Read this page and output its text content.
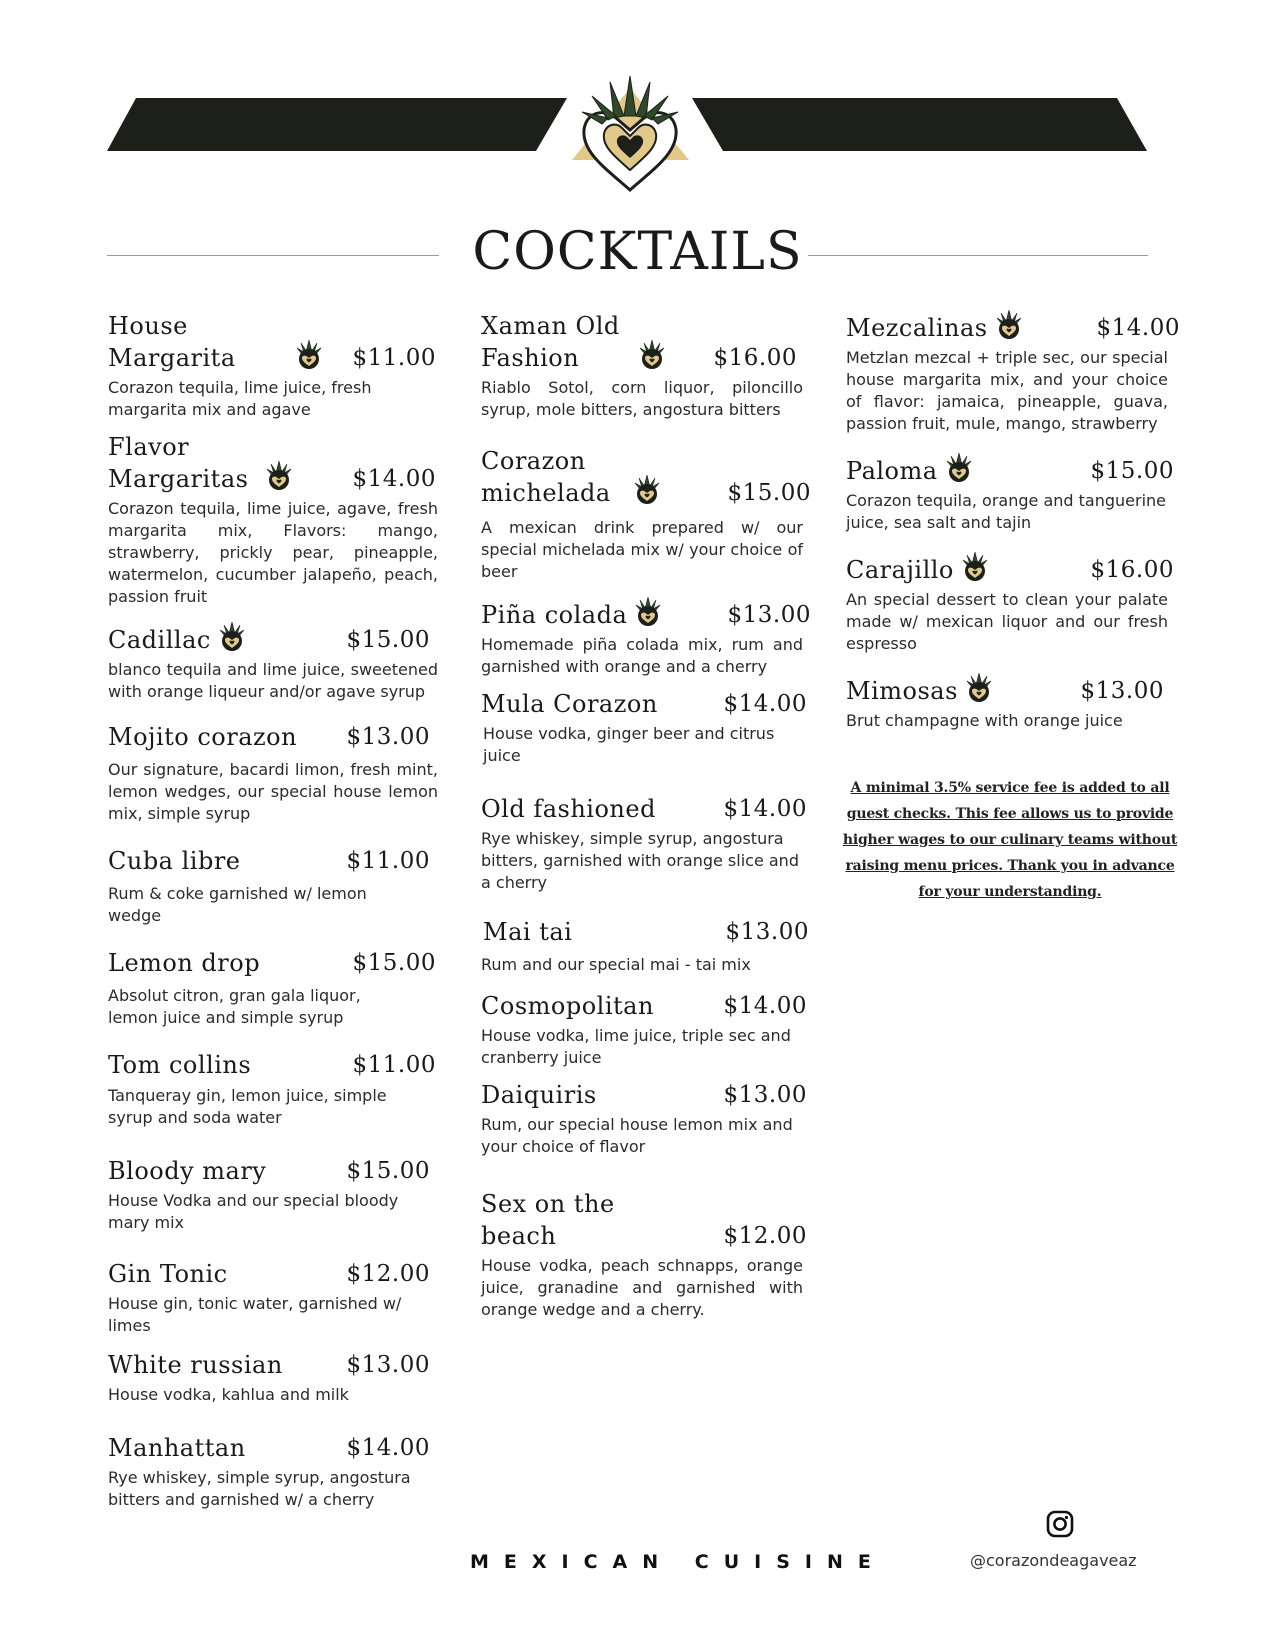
COCKTAILS
House Margarita	$11.00
Corazon tequila, lime juice, fresh margarita mix and agave
Flavor Margaritas	$14.00
Corazon tequila, lime juice, agave, fresh margarita mix, Flavors: mango, strawberry, prickly pear, pineapple, watermelon, cucumber jalapeño, peach, passion fruit
Cadillac	$15.00
blanco tequila and lime juice, sweetened with orange liqueur and/or agave syrup
Mojito corazon $13.00
Our signature, bacardi limon, fresh mint, lemon wedges, our special house lemon mix, simple syrup
Cuba libre	$11.00
Rum & coke garnished w/ lemon wedge
Lemon drop	$15.00
Absolut citron, gran gala liquor, lemon juice and simple syrup
Tom collins	$11.00
Tanqueray gin, lemon juice, simple syrup and soda water
Bloody mary	$15.00
House Vodka and our special bloody mary mix
Gin Tonic	$12.00
House gin, tonic water, garnished w/ limes
White russian	$13.00
House vodka, kahlua and milk
Manhattan	$14.00
Rye whiskey, simple syrup, angostura bitters and garnished w/ a cherry
Xaman Old Fashion	$16.00
Riablo Sotol, corn liquor, piloncillo syrup, mole bitters, angostura bitters
Corazon michelada	$15.00
A mexican drink prepared w/ our special michelada mix w/ your choice of beer
Piña colada	$13.00
Homemade piña colada mix, rum and garnished with orange and a cherry
Mula Corazon	$14.00
House vodka, ginger beer and citrus juice
Old fashioned	$14.00
Rye whiskey, simple syrup, angostura bitters, garnished with orange slice and a cherry
Mai tai	$13.00
Rum and our special mai - tai mix
Cosmopolitan	$14.00
House vodka, lime juice, triple sec and cranberry juice
Daiquiris	$13.00
Rum, our special house lemon mix and your choice of flavor
Sex on the beach	$12.00
House vodka, peach schnapps, orange juice, granadine and garnished with orange wedge and a cherry.
Mezcalinas	$14.00
Metzlan mezcal + triple sec, our special house margarita mix, and your choice of flavor: jamaica, pineapple, guava, passion fruit, mule, mango, strawberry
Paloma	$15.00
Corazon tequila, orange and tanguerine juice, sea salt and tajin
Carajillo	$16.00
An special dessert to clean your palate made w/ mexican liquor and our fresh espresso
Mimosas	$13.00
Brut champagne with orange juice
A minimal 3.5% service fee is added to all guest checks. This fee allows us to provide higher wages to our culinary teams without raising menu prices. Thank you in advance for your understanding.
MEXICAN CUISINE	@corazondeagaveaz
